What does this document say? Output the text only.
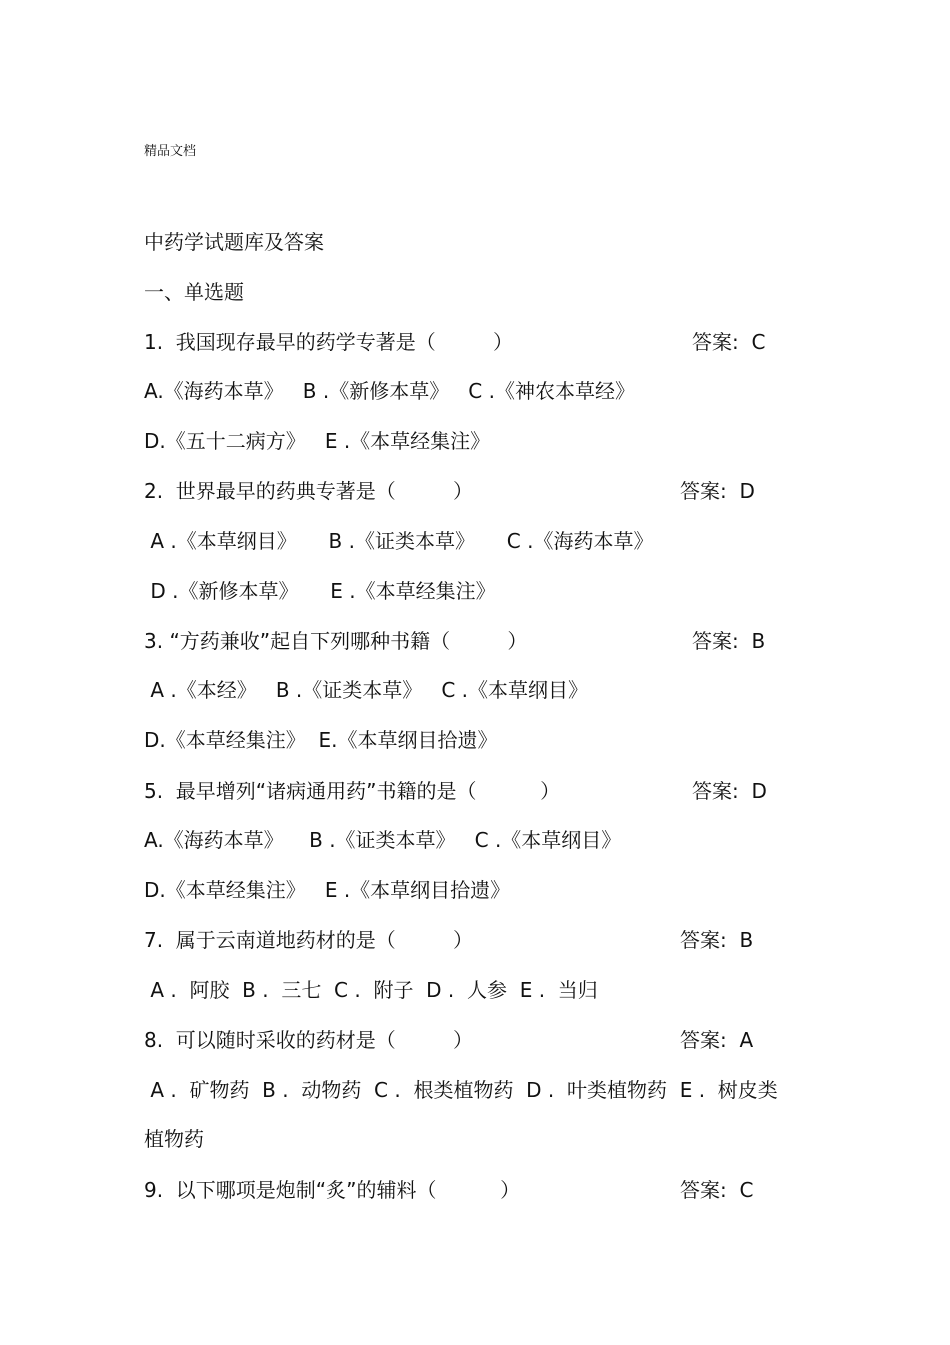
精品文档
中药学试题库及答案
一、单选题
1.  我国现存最早的药学专著是（         ）	答案:  C
A.《海药本草》   B .《新修本草》   C .《神农本草经》
D.《五十二病方》   E .《本草经集注》
2.  世界最早的药典专著是（         ）	答案:  D
A .《本草纲目》     B .《证类本草》     C .《海药本草》
D .《新修本草》     E .《本草经集注》
3. “方药兼收”起自下列哪种书籍（         ）	答案:  B
A .《本经》   B .《证类本草》   C .《本草纲目》
D.《本草经集注》  E.《本草纲目拾遗》
5.  最早增列“诸病通用药”书籍的是（          ）	答案:  D
A.《海药本草》    B .《证类本草》   C .《本草纲目》
D.《本草经集注》   E .《本草纲目拾遗》
7.  属于云南道地药材的是（         ）	答案:  B
A .  阿胶  B .  三七  C .  附子  D .  人参  E .  当归
8.  可以随时采收的药材是（         ）	答案:  A
A .  矿物药  B .  动物药  C .  根类植物药  D .  叶类植物药  E .  树皮类
植物药
9.  以下哪项是炮制“炙”的辅料（          ）	答案:  C
